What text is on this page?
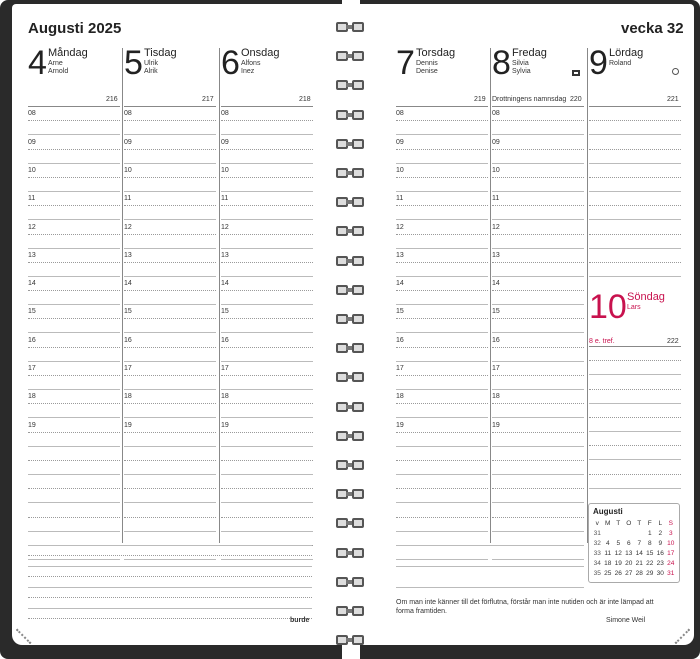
Augusti 2025	vecka 32
4 Måndag
Arne
Arnold
216
08
09
10
11
12
13
14
15
16
17
18
19
5 Tisdag
Ulrik
Alrik
217
08
09
10
11
12
13
14
15
16
17
18
19
6 Onsdag
Alfons
Inez
218
08
09
10
11
12
13
14
15
16
17
18
19
7 Torsdag
Dennis
Denise
219
08
09
10
11
12
13
14
15
16
17
18
19
8 Fredag
Silvia
Sylvia
220
Drottningens namnsdag
08
09
10
11
12
13
14
15
16
17
18
19
9 Lördag
Roland
221
10 Söndag
Lars
8 e. tref.	222
Om man inte känner till det förflutna, förstår man inte nutiden och är inte lämpad att forma framtiden.
Simone Weil
burde
Augusti
v	M	T	O	T	F	L	S
31					1	2	3
32	4	5	6	7	8	9	10
33	11	12	13	14	15	16	17
34	18	19	20	21	22	23	24
35	25	26	27	28	29	30	31
